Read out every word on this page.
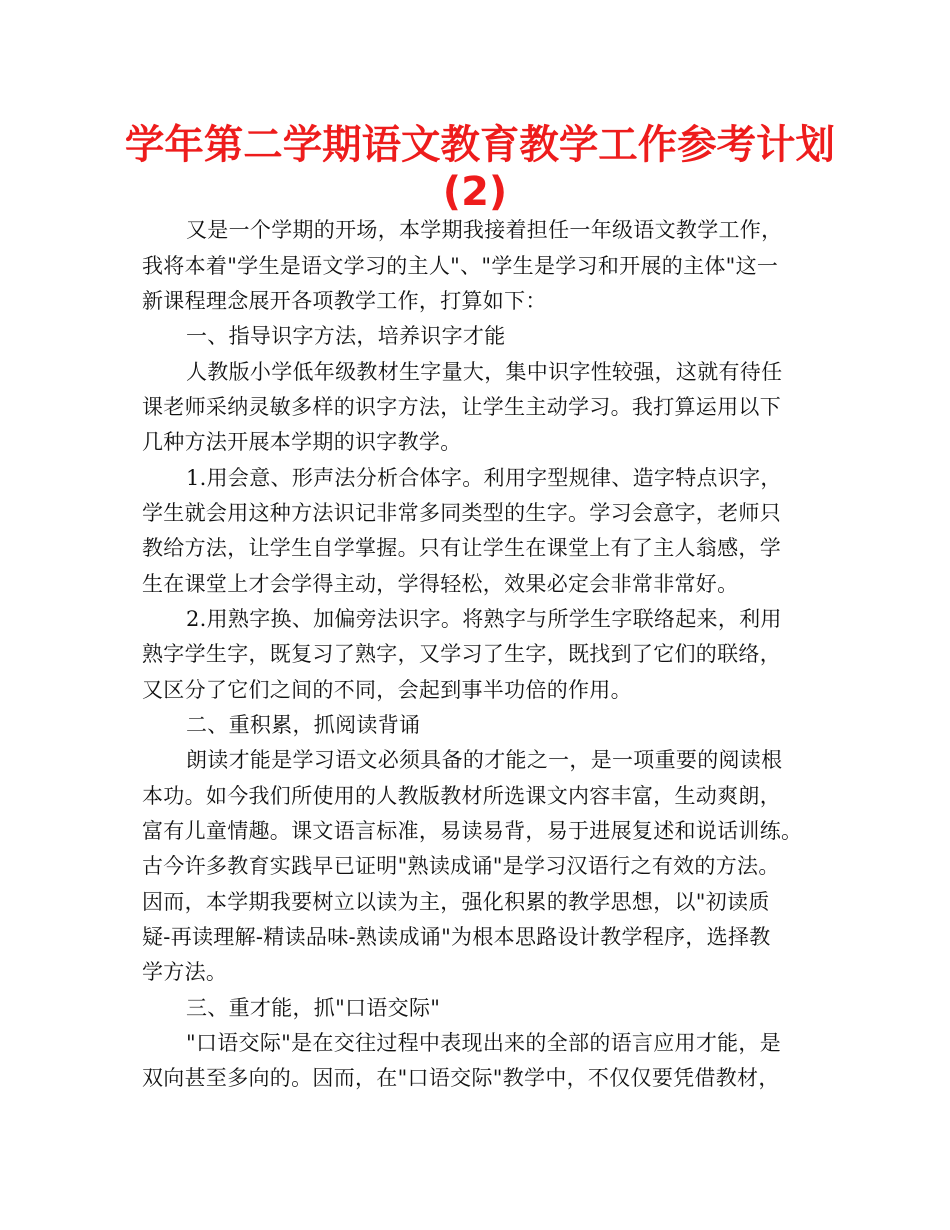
学年第二学期语文教育教学工作参考计划
(2)
又是一个学期的开场，本学期我接着担任一年级语文教学工作，
我将本着"学生是语文学习的主人"、"学生是学习和开展的主体"这一
新课程理念展开各项教学工作，打算如下：
一、指导识字方法，培养识字才能
人教版小学低年级教材生字量大，集中识字性较强，这就有待任
课老师采纳灵敏多样的识字方法，让学生主动学习。我打算运用以下
几种方法开展本学期的识字教学。
1.用会意、形声法分析合体字。利用字型规律、造字特点识字，
学生就会用这种方法识记非常多同类型的生字。学习会意字，老师只
教给方法，让学生自学掌握。只有让学生在课堂上有了主人翁感，学
生在课堂上才会学得主动，学得轻松，效果必定会非常非常好。
2.用熟字换、加偏旁法识字。将熟字与所学生字联络起来，利用
熟字学生字，既复习了熟字，又学习了生字，既找到了它们的联络，
又区分了它们之间的不同，会起到事半功倍的作用。
二、重积累，抓阅读背诵
朗读才能是学习语文必须具备的才能之一，是一项重要的阅读根
本功。如今我们所使用的人教版教材所选课文内容丰富，生动爽朗，
富有儿童情趣。课文语言标准，易读易背，易于进展复述和说话训练。
古今许多教育实践早已证明"熟读成诵"是学习汉语行之有效的方法。
因而，本学期我要树立以读为主，强化积累的教学思想，以"初读质
疑-再读理解-精读品味-熟读成诵"为根本思路设计教学程序，选择教
学方法。
三、重才能，抓"口语交际"
"口语交际"是在交往过程中表现出来的全部的语言应用才能，是
双向甚至多向的。因而，在"口语交际"教学中，不仅仅要凭借教材，
